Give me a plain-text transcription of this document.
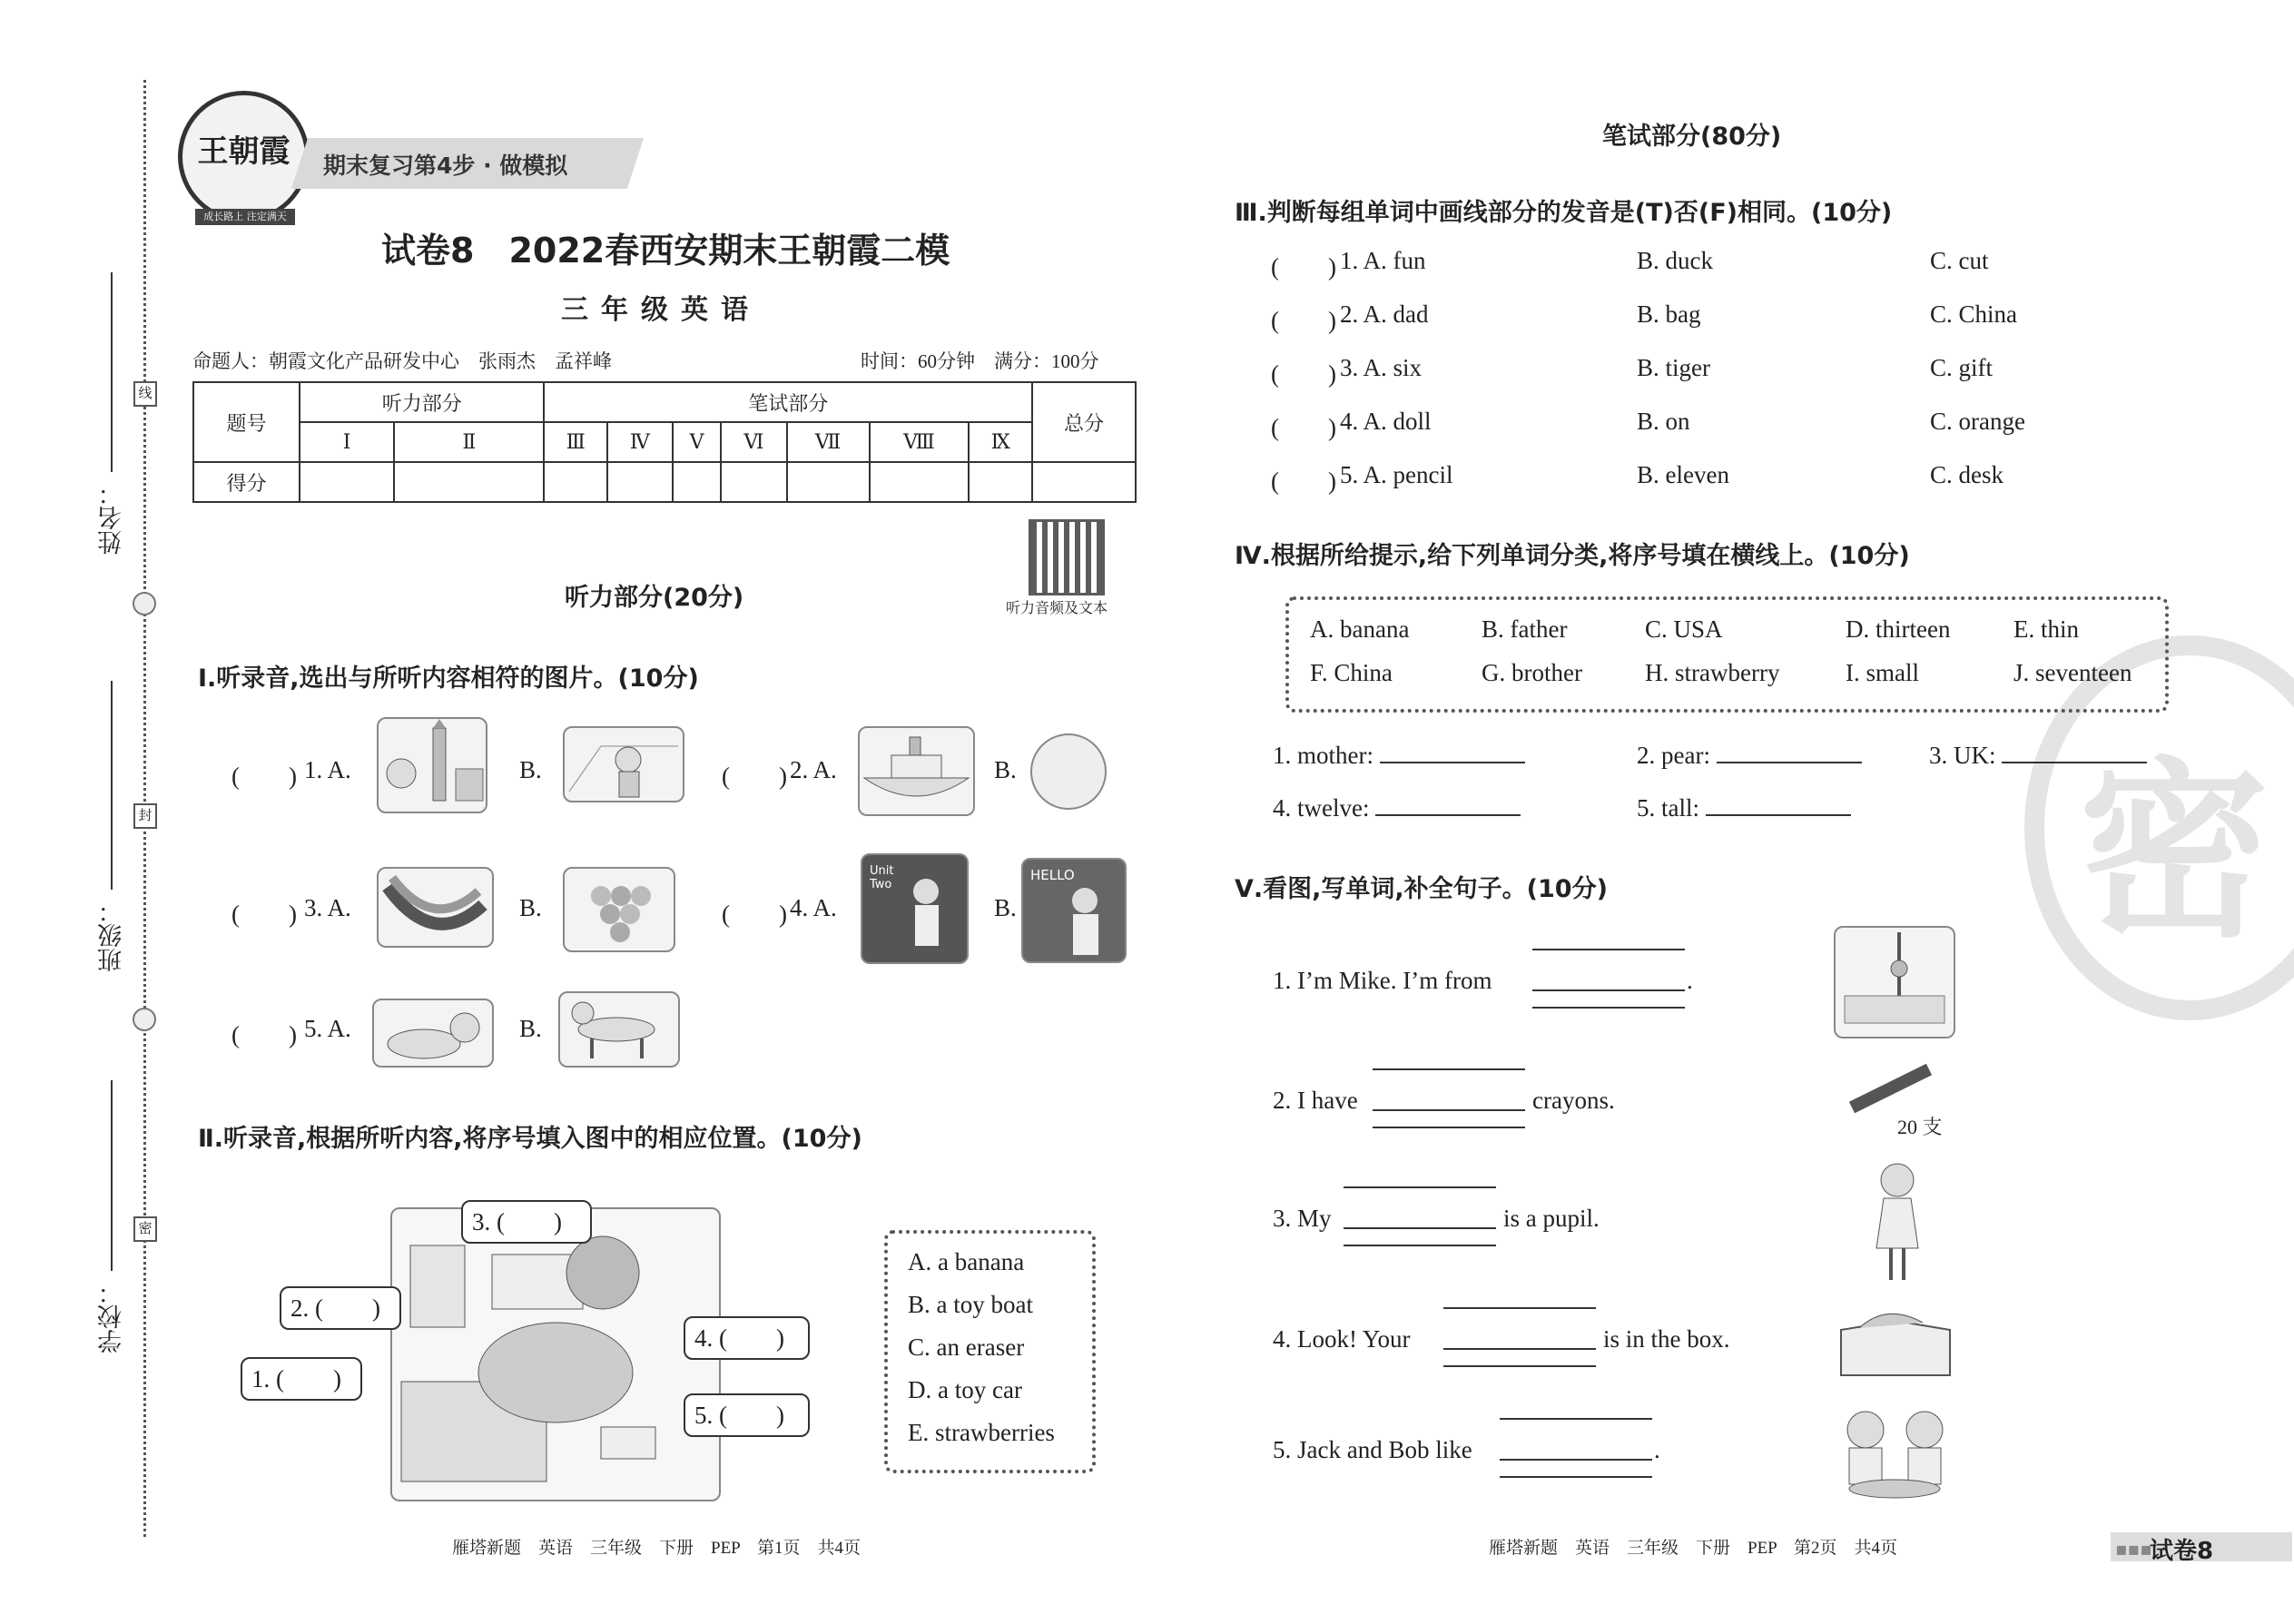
姓名：
班级：
学校：
线
封
密
王朝霞
成长路上 注定满天
期末复习第4步 · 做模拟
试卷8　2022春西安期末王朝霞二模
三年级英语
命题人：朝霞文化产品研发中心　张雨杰　孟祥峰	时间：60分钟　满分：100分
题号	听力部分		笔试部分							总分
	Ⅰ	Ⅱ	Ⅲ	Ⅳ	Ⅴ	Ⅵ	Ⅶ	Ⅷ	Ⅸ	
得分										
听力音频及文本
听力部分(20分)
Ⅰ.听录音,选出与所听内容相符的图片。(10分)
(　　) 1. A.	B.	(　　) 2. A.	B.
(　　) 3. A.	B.	(　　) 4. A.
Unit Two
B.
HELLO
(　　) 5. A.	B.
Ⅱ.听录音,根据所听内容,将序号填入图中的相应位置。(10分)
1. (　　)
2. (　　)
3. (　　)
4. (　　)
5. (　　)
A. a banana
B. a toy boat
C. an eraser
D. a toy car
E. strawberries
雁塔新题　英语　三年级　下册　PEP　第1页　共4页
密
笔试部分(80分)
Ⅲ.判断每组单词中画线部分的发音是(T)否(F)相同。(10分)
(　　) 1. A. fun	B. duck	C. cut
(　　) 2. A. dad	B. bag	C. China
(　　) 3. A. six	B. tiger	C. gift
(　　) 4. A. doll	B. on	C. orange
(　　) 5. A. pencil	B. eleven	C. desk
Ⅳ.根据所给提示,给下列单词分类,将序号填在横线上。(10分)
A. banana	B. father	C. USA	D. thirteen	E. thin
F. China	G. brother	H. strawberry	I. small	J. seventeen
1. mother:	2. pear:	3. UK:
4. twelve:	5. tall:
Ⅴ.看图,写单词,补全句子。(10分)
1. I’m Mike. I’m from	.
2. I have	crayons.
20 支
3. My	is a pupil.
4. Look! Your	is in the box.
5. Jack and Bob like	.
雁塔新题　英语　三年级　下册　PEP　第2页　共4页	▪▪▪
试卷8
